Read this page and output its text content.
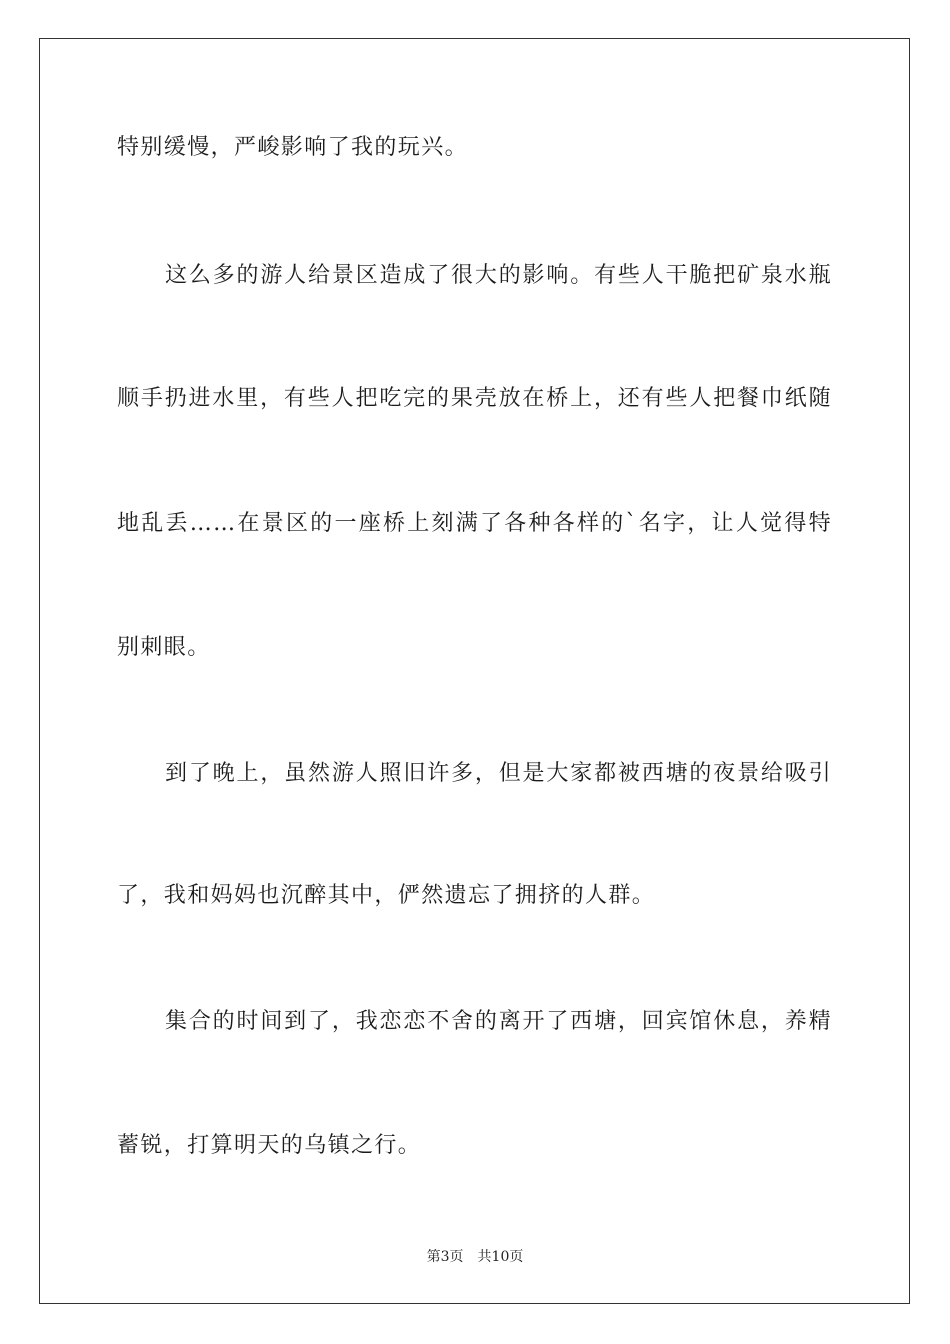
特别缓慢，严峻影响了我的玩兴。
这么多的游人给景区造成了很大的影响。有些人干脆把矿泉水瓶
顺手扔进水里，有些人把吃完的果壳放在桥上，还有些人把餐巾纸随
地乱丢……在景区的一座桥上刻满了各种各样的`名字，让人觉得特
别刺眼。
到了晚上，虽然游人照旧许多，但是大家都被西塘的夜景给吸引
了，我和妈妈也沉醉其中，俨然遗忘了拥挤的人群。
集合的时间到了，我恋恋不舍的离开了西塘，回宾馆休息，养精
蓄锐，打算明天的乌镇之行。
第3页 共10页
